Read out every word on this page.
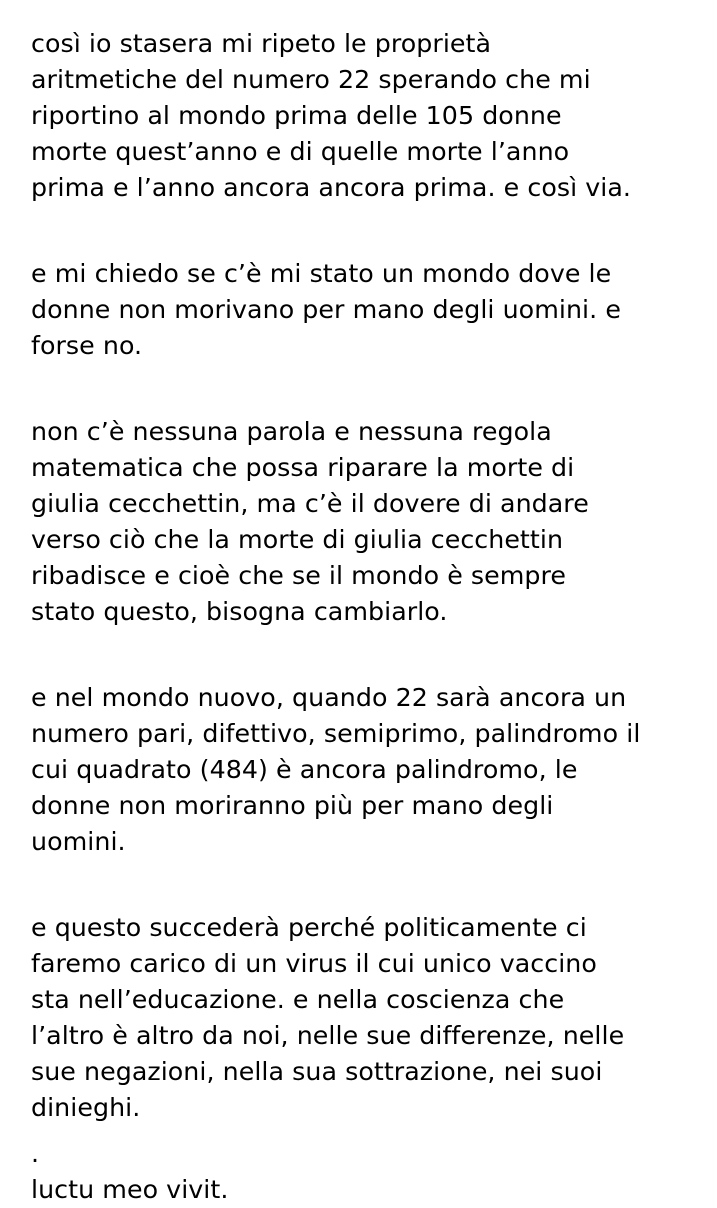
così io stasera mi ripeto le proprietà
aritmetiche del numero 22 sperando che mi
riportino al mondo prima delle 105 donne
morte quest’anno e di quelle morte l’anno
prima e l’anno ancora ancora prima. e così via.
e mi chiedo se c’è mi stato un mondo dove le
donne non morivano per mano degli uomini. e
forse no.
non c’è nessuna parola e nessuna regola
matematica che possa riparare la morte di
giulia cecchettin, ma c’è il dovere di andare
verso ciò che la morte di giulia cecchettin
ribadisce e cioè che se il mondo è sempre
stato questo, bisogna cambiarlo.
e nel mondo nuovo, quando 22 sarà ancora un
numero pari, difettivo, semiprimo, palindromo il
cui quadrato (484) è ancora palindromo, le
donne non moriranno più per mano degli
uomini.
e questo succederà perché politicamente ci
faremo carico di un virus il cui unico vaccino
sta nell’educazione. e nella coscienza che
l’altro è altro da noi, nelle sue differenze, nelle
sue negazioni, nella sua sottrazione, nei suoi
dinieghi.
.
luctu meo vivit.
